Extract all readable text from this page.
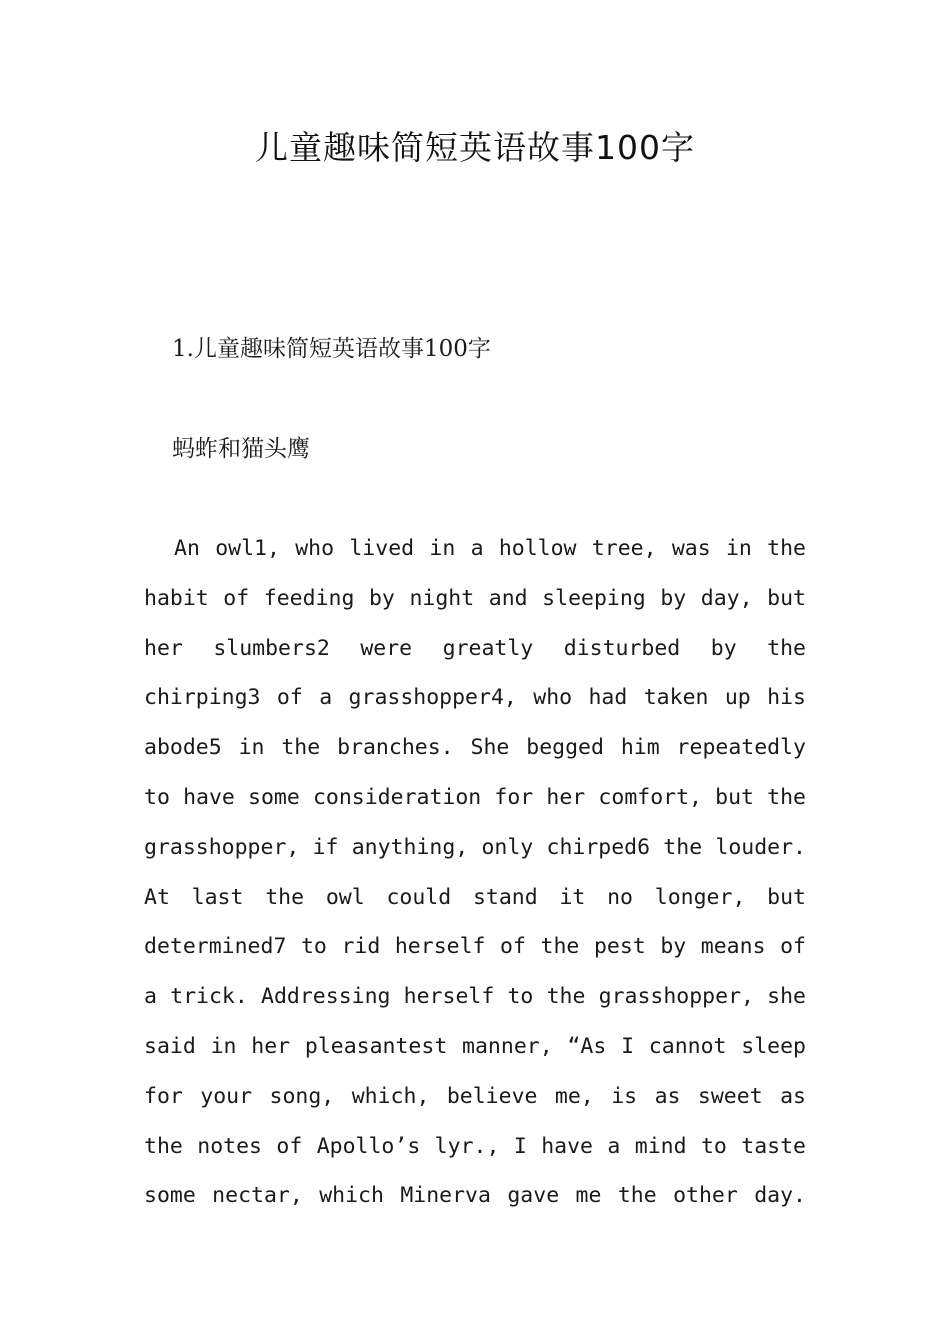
儿童趣味简短英语故事100字
1.儿童趣味简短英语故事100字
蚂蚱和猫头鹰
An owl1, who lived in a hollow tree, was in the
habit of feeding by night and sleeping by day, but
her slumbers2 were greatly disturbed by the
chirping3 of a grasshopper4, who had taken up his
abode5 in the branches. She begged him repeatedly
to have some consideration for her comfort, but the
grasshopper, if anything, only chirped6 the louder.
At last the owl could stand it no longer, but
determined7 to rid herself of the pest by means of
a trick. Addressing herself to the grasshopper, she
said in her pleasantest manner, “As I cannot sleep
for your song, which, believe me, is as sweet as
the notes of Apollo’s lyr., I have a mind to taste
some nectar, which Minerva gave me the other day.
